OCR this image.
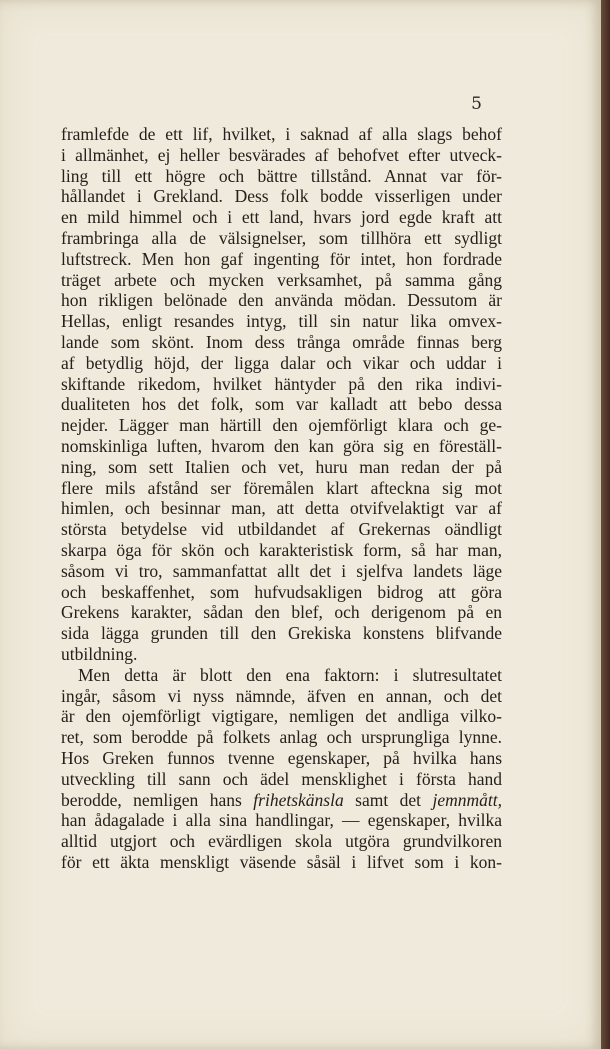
5
framlefde de ett lif, hvilket, i saknad af alla slags behof
i allmänhet, ej heller besvärades af behofvet efter utveck-
ling till ett högre och bättre tillstånd. Annat var för-
hållandet i Grekland. Dess folk bodde visserligen under
en mild himmel och i ett land, hvars jord egde kraft att
frambringa alla de välsignelser, som tillhöra ett sydligt
luftstreck. Men hon gaf ingenting för intet, hon fordrade
träget arbete och mycken verksamhet, på samma gång
hon rikligen belönade den använda mödan. Dessutom är
Hellas, enligt resandes intyg, till sin natur lika omvex-
lande som skönt. Inom dess trånga område finnas berg
af betydlig höjd, der ligga dalar och vikar och uddar i
skiftande rikedom, hvilket häntyder på den rika indivi-
dualiteten hos det folk, som var kalladt att bebo dessa
nejder. Lägger man härtill den ojemförligt klara och ge-
nomskinliga luften, hvarom den kan göra sig en föreställ-
ning, som sett Italien och vet, huru man redan der på
flere mils afstånd ser föremålen klart afteckna sig mot
himlen, och besinnar man, att detta otvifvelaktigt var af
största betydelse vid utbildandet af Grekernas oändligt
skarpa öga för skön och karakteristisk form, så har man,
såsom vi tro, sammanfattat allt det i sjelfva landets läge
och beskaffenhet, som hufvudsakligen bidrog att göra
Grekens karakter, sådan den blef, och derigenom på en
sida lägga grunden till den Grekiska konstens blifvande
utbildning.
Men detta är blott den ena faktorn: i slutresultatet
ingår, såsom vi nyss nämnde, äfven en annan, och det
är den ojemförligt vigtigare, nemligen det andliga vilko-
ret, som berodde på folkets anlag och ursprungliga lynne.
Hos Greken funnos tvenne egenskaper, på hvilka hans
utveckling till sann och ädel mensklighet i första hand
berodde, nemligen hans frihetskänsla samt det jemnmått,
han ådagalade i alla sina handlingar, — egenskaper, hvilka
alltid utgjort och evärdligen skola utgöra grundvilkoren
för ett äkta menskligt väsende såsäl i lifvet som i kon-
